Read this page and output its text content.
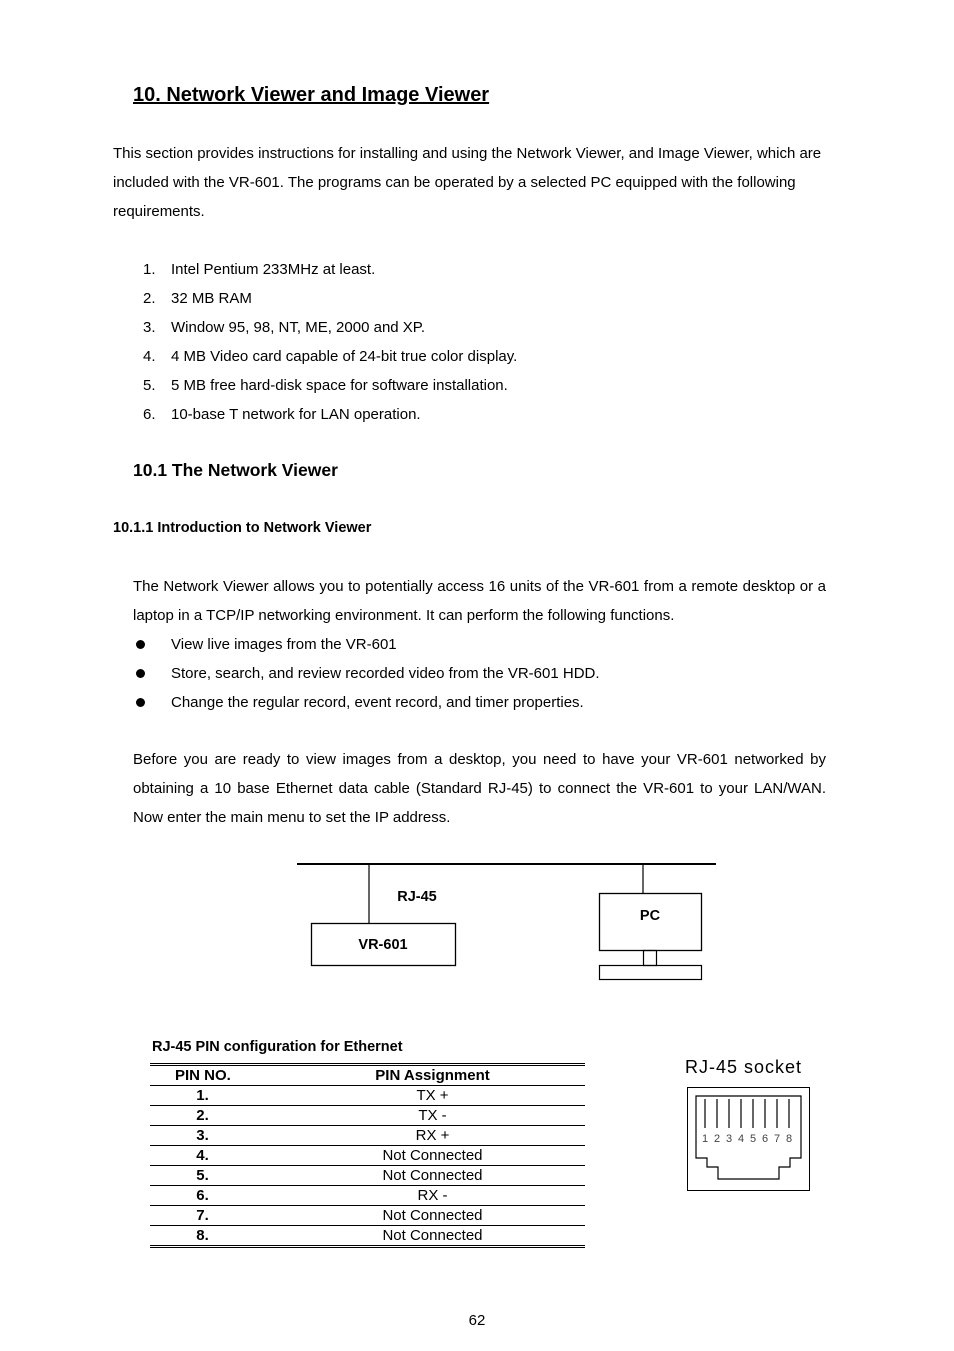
10. Network Viewer and Image Viewer
This section provides instructions for installing and using the Network Viewer, and Image Viewer, which are included with the VR-601. The programs can be operated by a selected PC equipped with the following requirements.
1. Intel Pentium 233MHz at least.
2. 32 MB RAM
3. Window 95, 98, NT, ME, 2000 and XP.
4. 4 MB Video card capable of 24-bit true color display.
5. 5 MB free hard-disk space for software installation.
6. 10-base T network for LAN operation.
10.1 The Network Viewer
10.1.1 Introduction to Network Viewer
The Network Viewer allows you to potentially access 16 units of the VR-601 from a remote desktop or a laptop in a TCP/IP networking environment. It can perform the following functions.
View live images from the VR-601
Store, search, and review recorded video from the VR-601 HDD.
Change the regular record, event record, and timer properties.
Before you are ready to view images from a desktop, you need to have your VR-601 networked by obtaining a 10 base Ethernet data cable (Standard RJ-45) to connect the VR-601 to your LAN/WAN. Now enter the main menu to set the IP address.
VR-601
RJ-45
PC
1 2 3 4 5 6 7 8
RJ-45 PIN configuration for Ethernet
PIN NO.	PIN Assignment
1.	TX +
2.	TX -
3.	RX +
4.	Not Connected
5.	Not Connected
6.	RX -
7.	Not Connected
8.	Not Connected
RJ-45 socket
62
